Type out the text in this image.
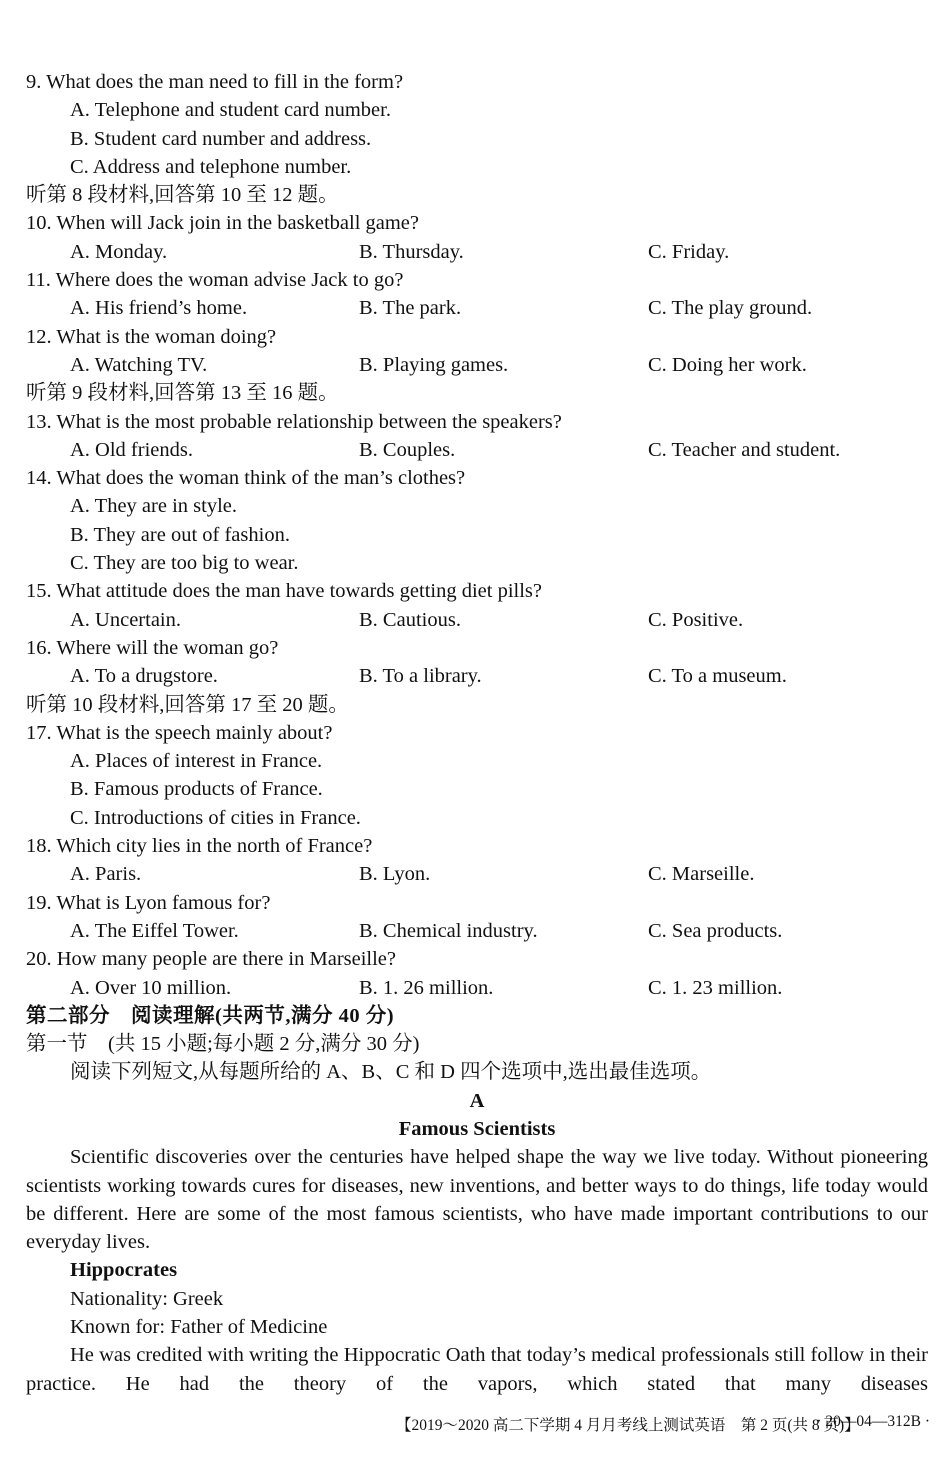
9. What does the man need to fill in the form?
A. Telephone and student card number.
B. Student card number and address.
C. Address and telephone number.
听第 8 段材料,回答第 10 至 12 题。
10. When will Jack join in the basketball game?
A. Monday.	B. Thursday.	C. Friday.
11. Where does the woman advise Jack to go?
A. His friend’s home.	B. The park.	C. The play ground.
12. What is the woman doing?
A. Watching TV.	B. Playing games.	C. Doing her work.
听第 9 段材料,回答第 13 至 16 题。
13. What is the most probable relationship between the speakers?
A. Old friends.	B. Couples.	C. Teacher and student.
14. What does the woman think of the man’s clothes?
A. They are in style.
B. They are out of fashion.
C. They are too big to wear.
15. What attitude does the man have towards getting diet pills?
A. Uncertain.	B. Cautious.	C. Positive.
16. Where will the woman go?
A. To a drugstore.	B. To a library.	C. To a museum.
听第 10 段材料,回答第 17 至 20 题。
17. What is the speech mainly about?
A. Places of interest in France.
B. Famous products of France.
C. Introductions of cities in France.
18. Which city lies in the north of France?
A. Paris.	B. Lyon.	C. Marseille.
19. What is Lyon famous for?
A. The Eiffel Tower.	B. Chemical industry.	C. Sea products.
20. How many people are there in Marseille?
A. Over 10 million.	B. 1. 26 million.	C. 1. 23 million.
第二部分　阅读理解(共两节,满分 40 分)
第一节　(共 15 小题;每小题 2 分,满分 30 分)
阅读下列短文,从每题所给的 A、B、C 和 D 四个选项中,选出最佳选项。
A
Famous Scientists
Scientific discoveries over the centuries have helped shape the way we live today. Without pioneering scientists working towards cures for diseases, new inventions, and better ways to do things, life today would be different. Here are some of the most famous scientists, who have made important contributions to our everyday lives.
Hippocrates
Nationality: Greek
Known for: Father of Medicine
He was credited with writing the Hippocratic Oath that today’s medical professionals still follow in their practice. He had the theory of the vapors, which stated that many diseases
【2019～2020 高二下学期 4 月月考线上测试英语　第 2 页(共 8 页)】
· 20—04—312B ·
